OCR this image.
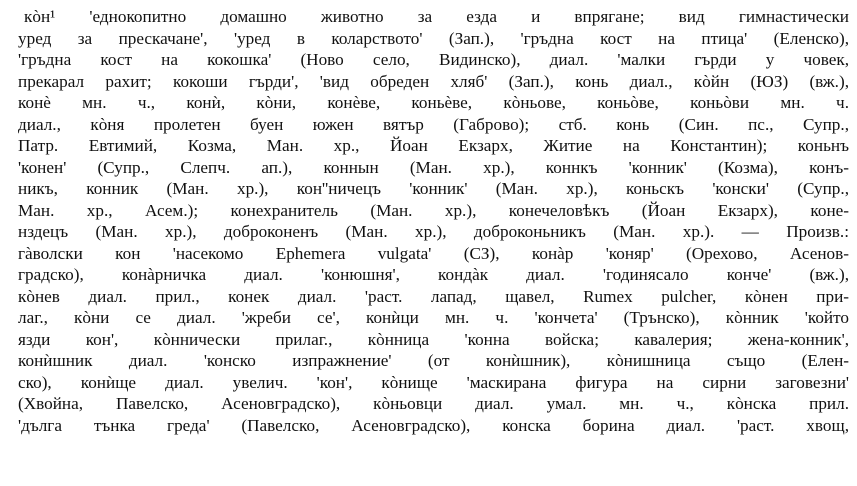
кòн¹ 'еднокопитно домашно животно за езда и впрягане; вид гимнастически
уред за прескачане', 'уред в коларството' (Зап.), 'гръдна кост на птица' (Еленско),
'гръдна кост на кокошка' (Ново село, Видинско), диал. 'малки гърди у човек,
прекарал рахит; кокоши гърди', 'вид обреден хляб' (Зап.), конь диал., кòйн (ЮЗ) (вж.),
конè мн. ч., конѝ, кòни, конèве, коньèве, кòньове, коньòве, коньòви мн. ч.
диал., кòня пролетен буен южен вятър (Габрово); стб. конь (Син. пс., Супр.,
Патр. Евтимий, Козма, Ман. хр., Йоан Екзарх, Житие на Константин); коньнъ
'конен' (Супр., Слепч. ап.), коннын (Ман. хр.), коннкъ 'конник' (Козма), конъ-
никъ, конник (Ман. хр.), кон''ничецъ 'конник' (Ман. хр.), коньскъ 'конски' (Супр.,
Ман. хр., Асем.); конехранитель (Ман. хр.), конечеловѣкъ (Йоан Екзарх), коне-
нздецъ (Ман. хр.), доброконенъ (Ман. хр.), доброконьникъ (Ман. хр.). — Произв.:
гàволски кон 'насекомо Ephemera vulgata' (СЗ), конàр 'коняр' (Орехово, Асенов-
градско), конàрничка диал. 'конюшня', кондàк диал. 'годинясало конче' (вж.),
кòнев диал. прил., конек диал. 'раст. лапад, щавел, Rumex pulcher, кòнен при-
лаг., кòни се диал. 'жреби се', конѝци мн. ч. 'кончета' (Трънско), кòнник 'който
язди кон', кòннически прилаг., кòнница 'конна войска; кавалерия; жена-конник',
конѝшник диал. 'конско изпражнение' (от конѝшник), кòнишница също (Елен-
ско), конѝще диал. увелич. 'кон', кòнище 'маскирана фигура на сирни заговезни'
(Хвойна, Павелско, Асеновградско), кòньовци диал. умал. мн. ч., кòнска прил.
'дълга тънка греда' (Павелско, Асеновградско), конска борина диал. 'раст. хвощ,
